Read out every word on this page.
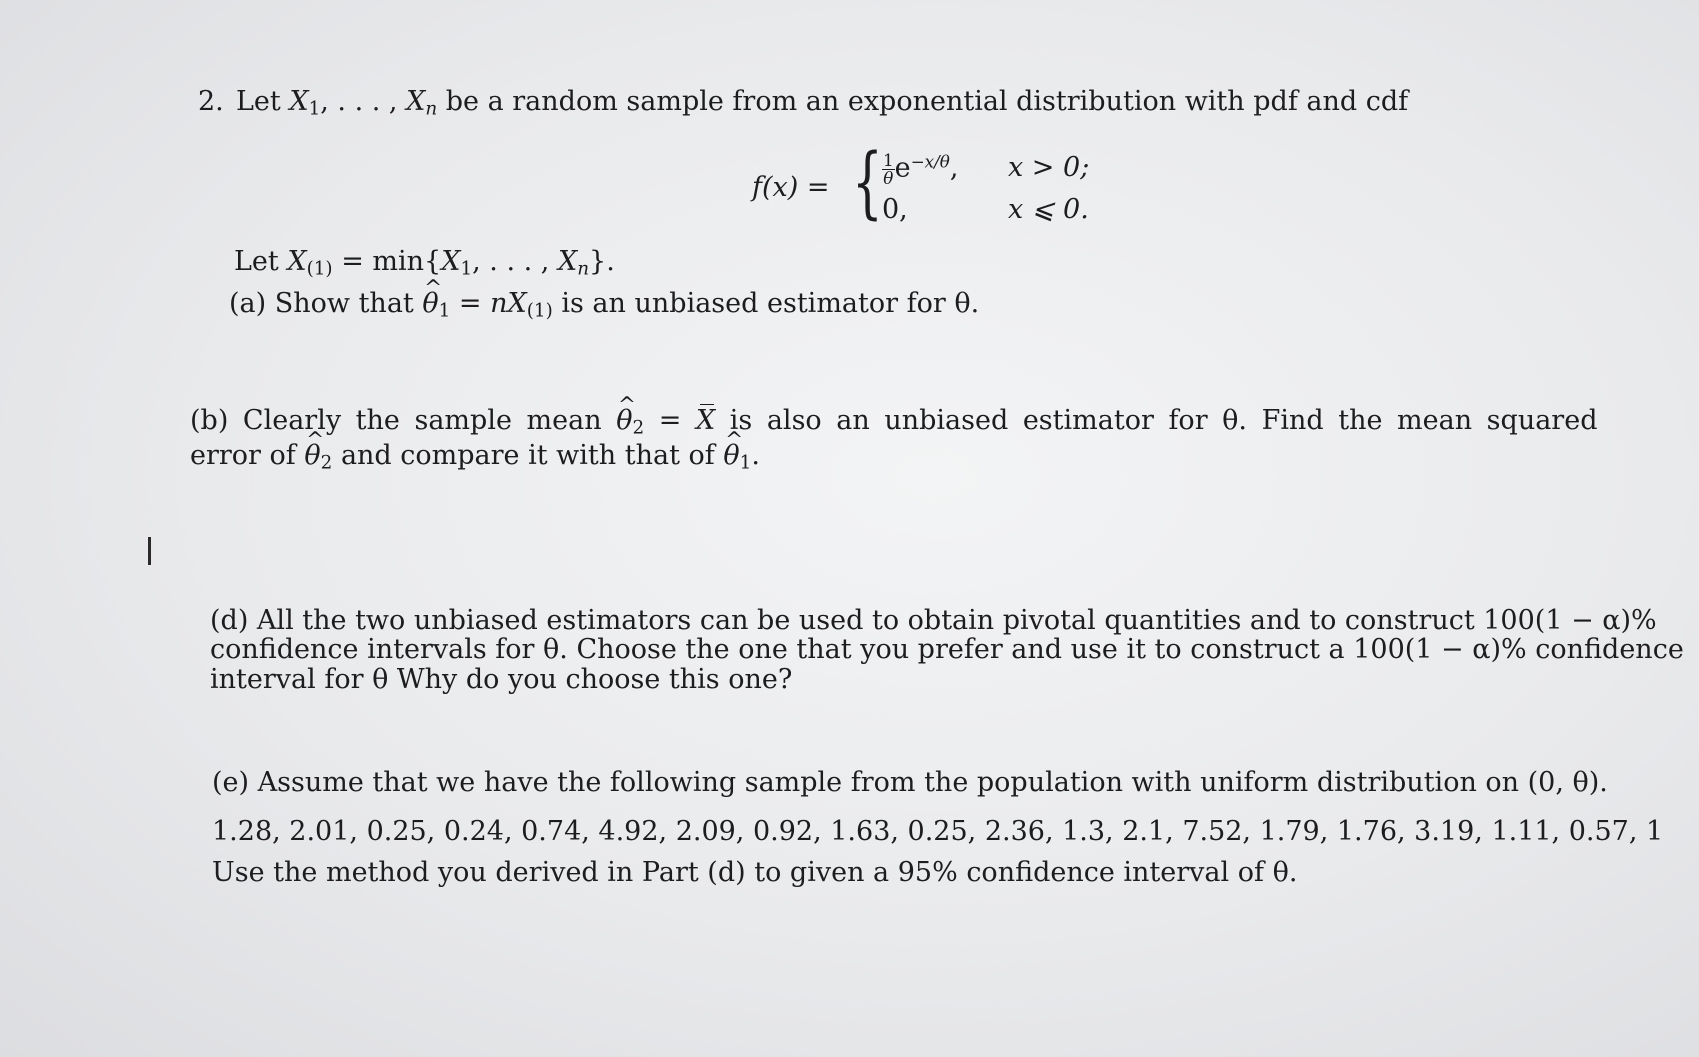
2. Let $X_1$, . . . , $X_n$ be a random sample from an exponential distribution with pdf and cdf
f(x) = { $\frac{1}{\theta} e^{-x/\theta}$, x > 0;
0,	x ⩽ 0.
Let $X_{(1)} = \min\{X_1$, . . . , $X_n$}.
(a) Show that θ $\^{}_1 = nX_{(1)}$ is an unbiased estimator for θ.
(b) Clearly the sample mean θ $\^{}_2 = X$ is also an unbiased estimator for θ. Find the mean squared
error of θ $\^{}_2$ and compare it with that of θ $\^{}_1$.
(d) All the two unbiased estimators can be used to obtain pivotal quantities and to construct 100(1 − α)%
confidence intervals for θ. Choose the one that you prefer and use it to construct a 100(1 − α)% confidence
interval for θ Why do you choose this one?
(e) Assume that we have the following sample from the population with uniform distribution on (0, θ).
1.28, 2.01, 0.25, 0.24, 0.74, 4.92, 2.09, 0.92, 1.63, 0.25, 2.36, 1.3, 2.1, 7.52, 1.79, 1.76, 3.19, 1.11, 0.57, 1
Use the method you derived in Part (d) to given a 95% confidence interval of θ.
